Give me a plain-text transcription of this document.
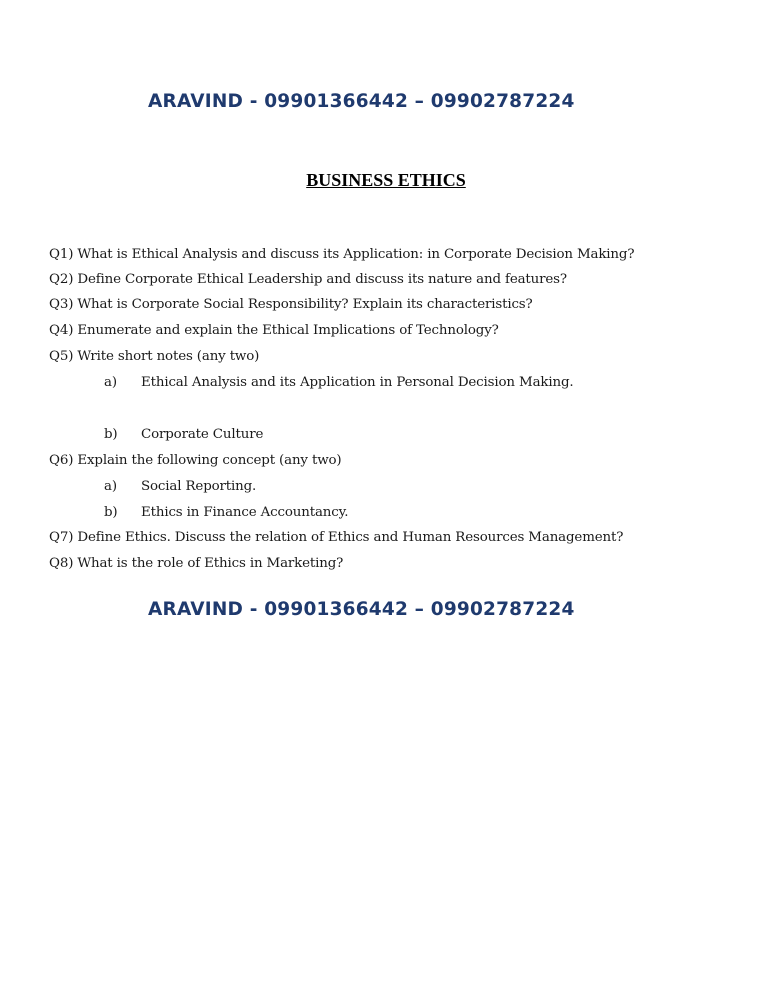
ARAVIND - 09901366442 – 09902787224
BUSINESS ETHICS
Q1) What is Ethical Analysis and discuss its Application: in Corporate Decision Making?
Q2) Define Corporate Ethical Leadership and discuss its nature and features?
Q3) What is Corporate Social Responsibility? Explain its characteristics?
Q4) Enumerate and explain the Ethical Implications of Technology?
Q5) Write short notes (any two)
a) Ethical Analysis and its Application in Personal Decision Making.
b) Corporate Culture
Q6) Explain the following concept (any two)
a) Social Reporting.
b) Ethics in Finance Accountancy.
Q7) Define Ethics. Discuss the relation of Ethics and Human Resources Management?
Q8) What is the role of Ethics in Marketing?
ARAVIND - 09901366442 – 09902787224
